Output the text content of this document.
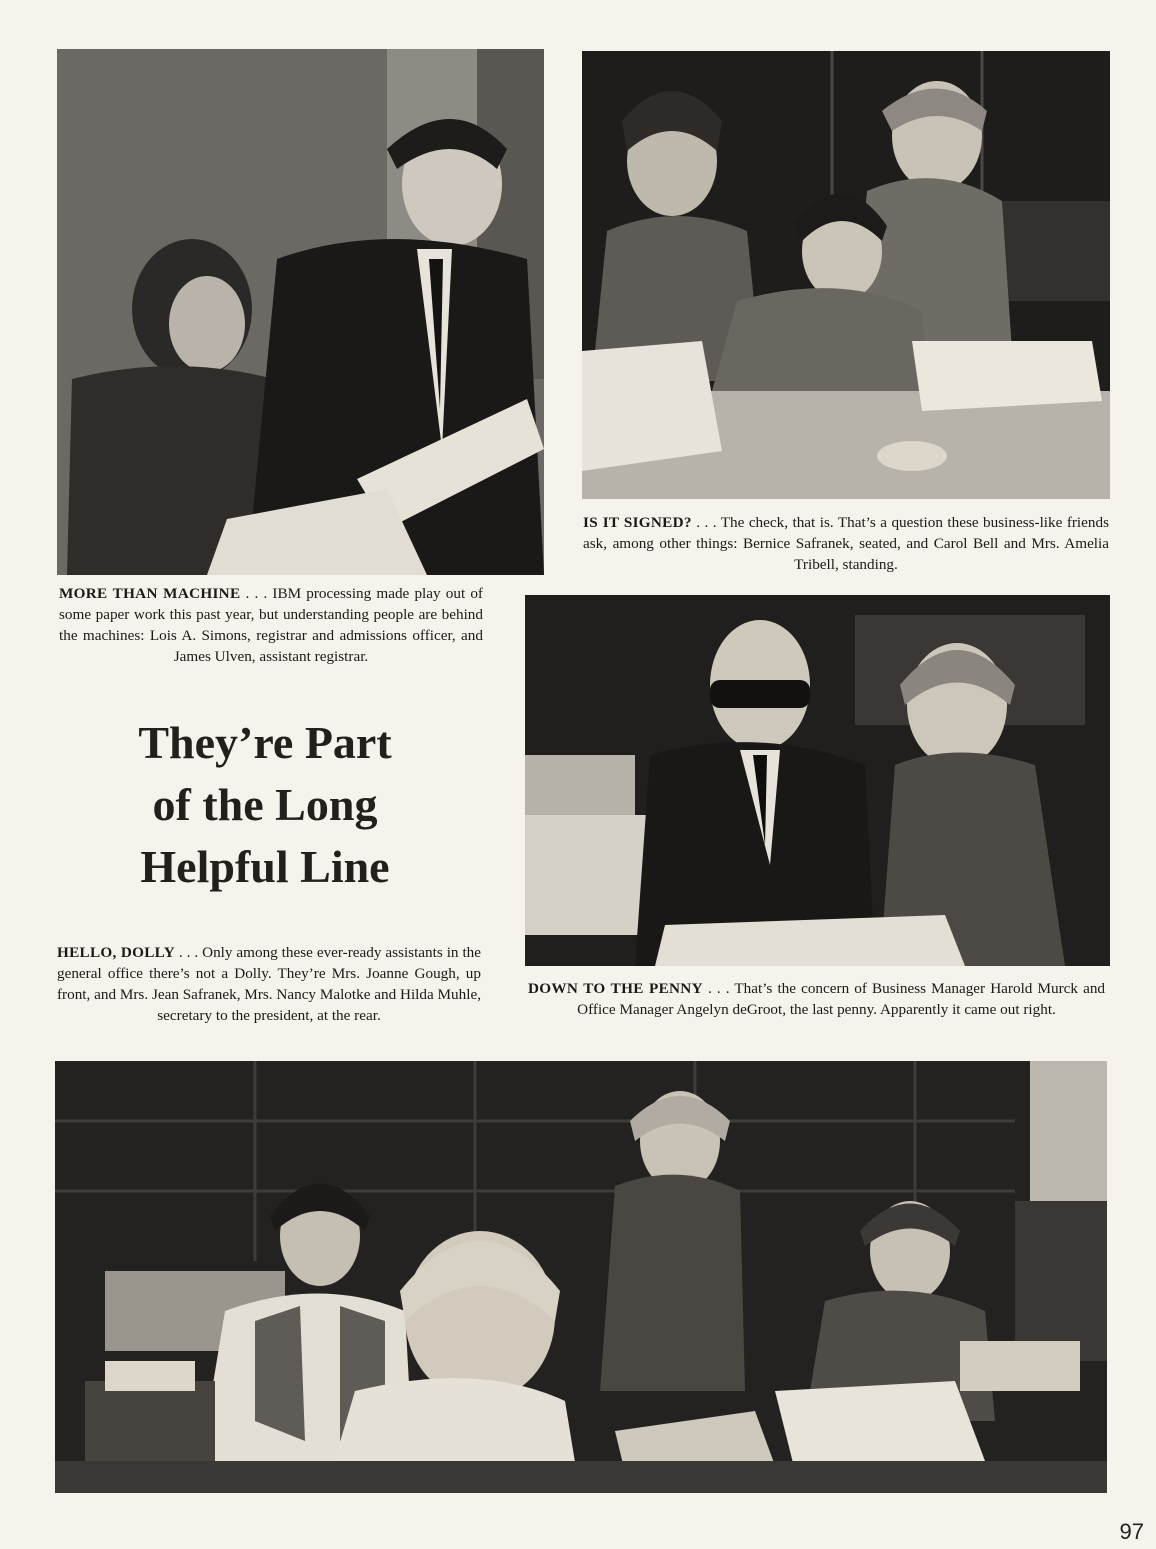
IS IT SIGNED? . . . The check, that is. That’s a question these business-like friends ask, among other things: Bernice Safranek, seated, and Carol Bell and Mrs. Amelia Tribell, standing.

MORE THAN MACHINE . . . IBM processing made play out of some paper work this past year, but understanding people are behind the machines: Lois A. Simons, registrar and admissions officer, and James Ulven, assistant registrar.

They’re Part
of the Long
Helpful Line

HELLO, DOLLY . . . Only among these ever-ready assistants in the general office there’s not a Dolly. They’re Mrs. Joanne Gough, up front, and Mrs. Jean Safranek, Mrs. Nancy Malotke and Hilda Muhle, secretary to the president, at the rear.

DOWN TO THE PENNY . . . That’s the concern of Business Manager Harold Murck and Office Manager Angelyn deGroot, the last penny. Apparently it came out right.

97
